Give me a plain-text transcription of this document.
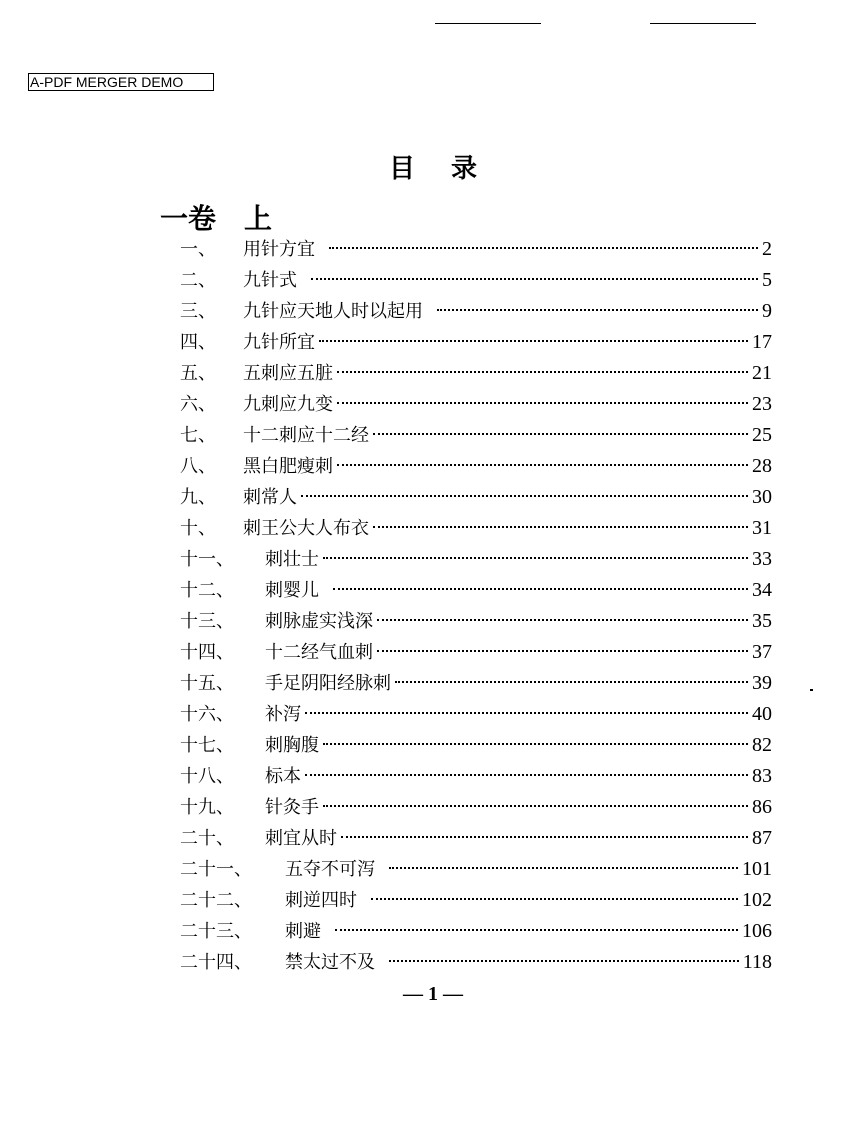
A-PDF MERGER DEMO
目录
一卷　上
一、	用针方宜	2
二、	九针式	5
三、	九针应天地人时以起用	9
四、	九针所宜	17
五、	五刺应五脏	21
六、	九刺应九变	23
七、	十二刺应十二经	25
八、	黑白肥瘦刺	28
九、	刺常人	30
十、	刺王公大人布衣	31
十一、	刺壮士	33
十二、	刺婴儿	34
十三、	刺脉虚实浅深	35
十四、	十二经气血刺	37
十五、	手足阴阳经脉刺	39
十六、	补泻	40
十七、	刺胸腹	82
十八、	标本	83
十九、	针灸手	86
二十、	刺宜从时	87
二十一、	五夺不可泻	101
二十二、	刺逆四时	102
二十三、	刺避	106
二十四、	禁太过不及	118
— 1 —
